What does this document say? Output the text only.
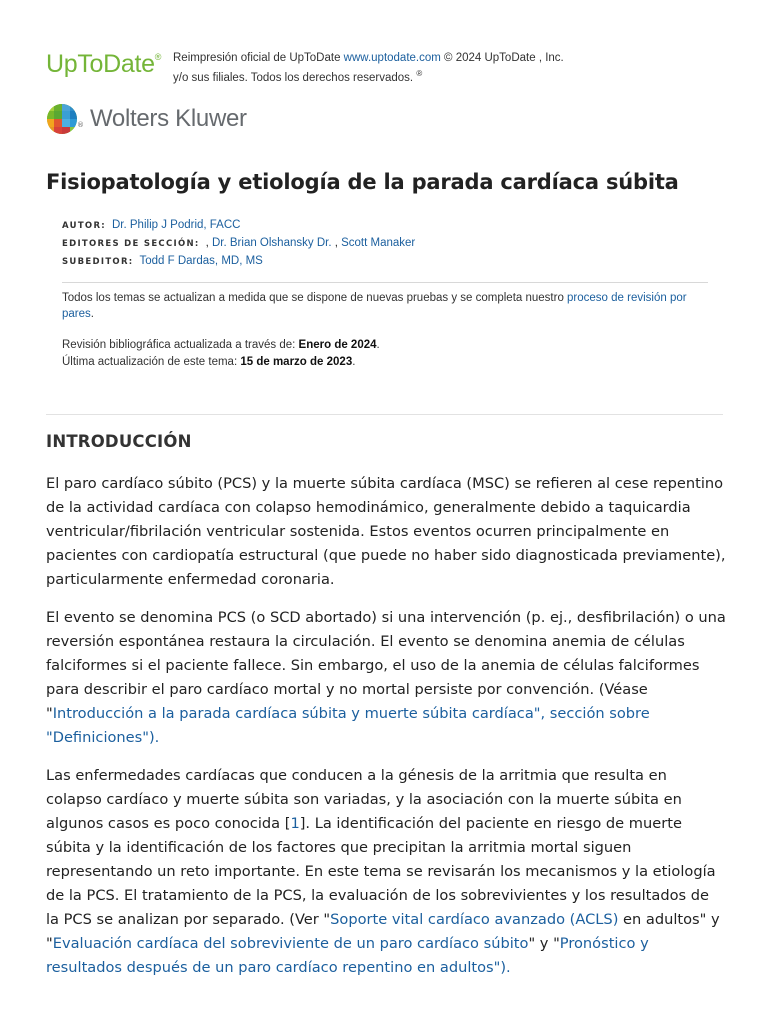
UpToDate® Reimpresión oficial de UpToDate www.uptodate.com © 2024 UpToDate , Inc. y/o sus filiales. Todos los derechos reservados. ®
® Wolters Kluwer
Fisiopatología y etiología de la parada cardíaca súbita
AUTOR: Dr. Philip J Podrid, FACC
EDITORES DE SECCIÓN: , Dr. Brian Olshansky Dr. , Scott Manaker
SUBEDITOR: Todd F Dardas, MD, MS
Todos los temas se actualizan a medida que se dispone de nuevas pruebas y se completa nuestro proceso de revisión por pares.
Revisión bibliográfica actualizada a través de: Enero de 2024.
Última actualización de este tema: 15 de marzo de 2023.
INTRODUCCIÓN

El paro cardíaco súbito (PCS) y la muerte súbita cardíaca (MSC) se refieren al cese repentino de la actividad cardíaca con colapso hemodinámico, generalmente debido a taquicardia ventricular/fibrilación ventricular sostenida. Estos eventos ocurren principalmente en pacientes con cardiopatía estructural (que puede no haber sido diagnosticada previamente), particularmente enfermedad coronaria.

El evento se denomina PCS (o SCD abortado) si una intervención (p. ej., desfibrilación) o una reversión espontánea restaura la circulación. El evento se denomina anemia de células falciformes si el paciente fallece. Sin embargo, el uso de la anemia de células falciformes para describir el paro cardíaco mortal y no mortal persiste por convención. (Véase "Introducción a la parada cardíaca súbita y muerte súbita cardíaca", sección sobre "Definiciones").

Las enfermedades cardíacas que conducen a la génesis de la arritmia que resulta en colapso cardíaco y muerte súbita son variadas, y la asociación con la muerte súbita en algunos casos es poco conocida [1]. La identificación del paciente en riesgo de muerte súbita y la identificación de los factores que precipitan la arritmia mortal siguen representando un reto importante. En este tema se revisarán los mecanismos y la etiología de la PCS. El tratamiento de la PCS, la evaluación de los sobrevivientes y los resultados de la PCS se analizan por separado. (Ver "Soporte vital cardíaco avanzado (ACLS) en adultos" y "Evaluación cardíaca del sobreviviente de un paro cardíaco súbito" y "Pronóstico y resultados después de un paro cardíaco repentino en adultos").
